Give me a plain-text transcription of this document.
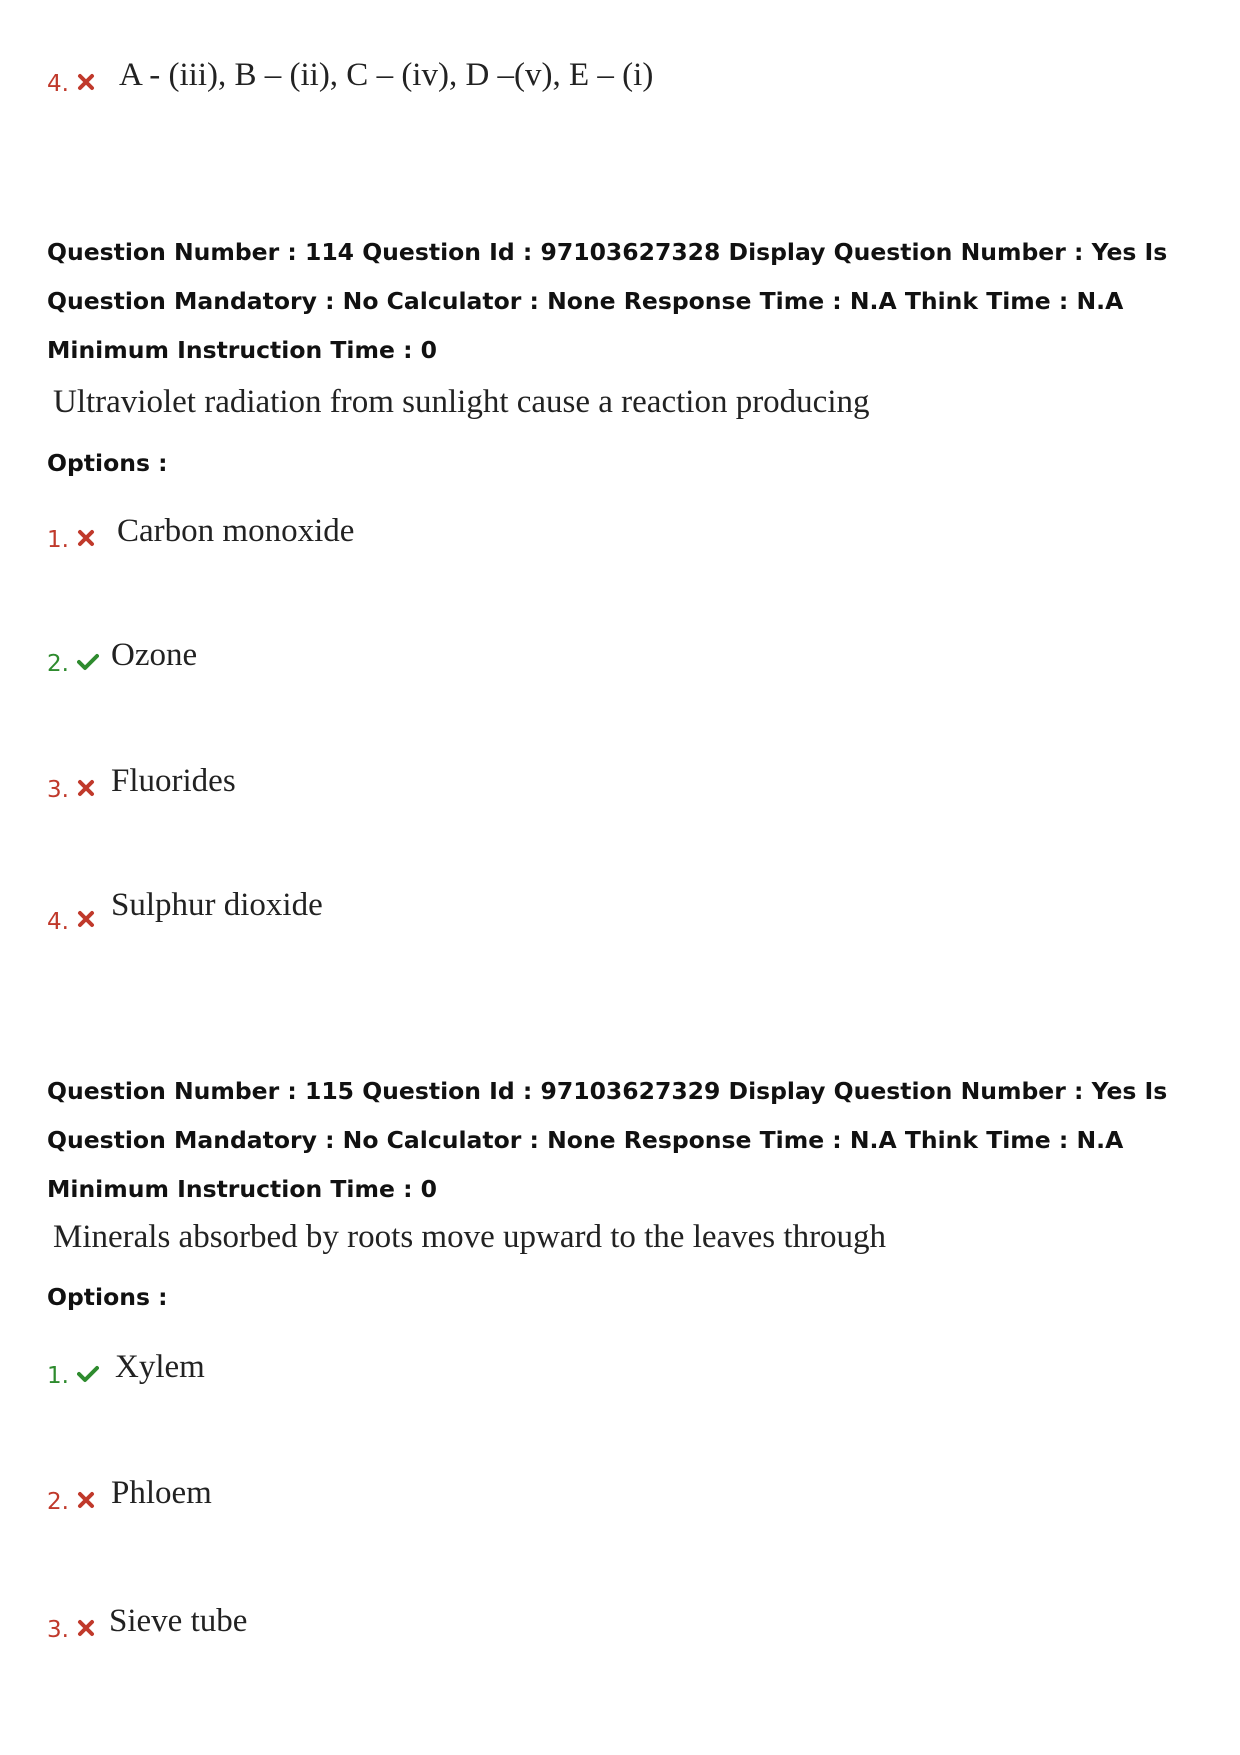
4. A - (iii), B – (ii), C – (iv), D –(v), E – (i)
Question Number : 114 Question Id : 97103627328 Display Question Number : Yes Is Question Mandatory : No Calculator : None Response Time : N.A Think Time : N.A Minimum Instruction Time : 0
Ultraviolet radiation from sunlight cause a reaction producing
Options :
1. Carbon monoxide
2. Ozone
3. Fluorides
4. Sulphur dioxide
Question Number : 115 Question Id : 97103627329 Display Question Number : Yes Is Question Mandatory : No Calculator : None Response Time : N.A Think Time : N.A Minimum Instruction Time : 0
Minerals absorbed by roots move upward to the leaves through
Options :
1. Xylem
2. Phloem
3. Sieve tube
